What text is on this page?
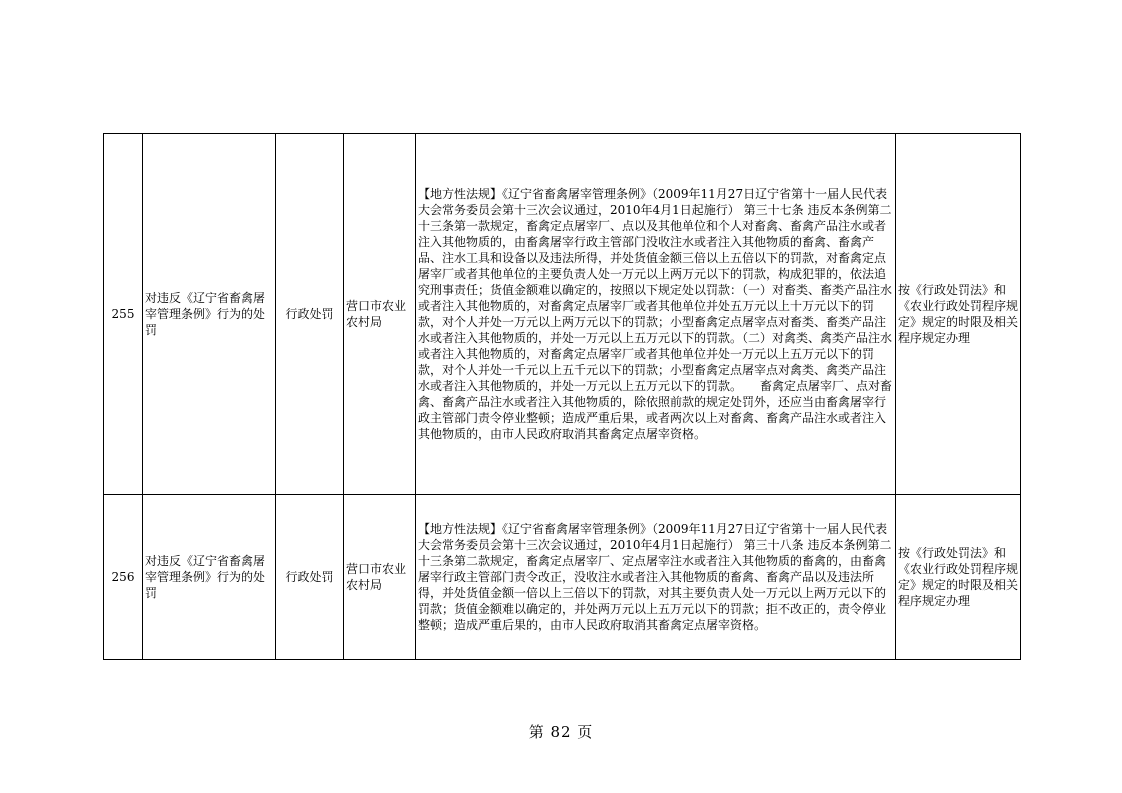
255	对违反《辽宁省畜禽屠宰管理条例》行为的处罚	行政处罚	营口市农业农村局	【地方性法规】《辽宁省畜禽屠宰管理条例》（2009年11月27日辽宁省第十一届人民代表大会常务委员会第十三次会议通过，2010年4月1日起施行） 第三十七条 违反本条例第二十三条第一款规定，畜禽定点屠宰厂、点以及其他单位和个人对畜禽、畜禽产品注水或者注入其他物质的，由畜禽屠宰行政主管部门没收注水或者注入其他物质的畜禽、畜禽产品、注水工具和设备以及违法所得，并处货值金额三倍以上五倍以下的罚款，对畜禽定点屠宰厂或者其他单位的主要负责人处一万元以上两万元以下的罚款，构成犯罪的，依法追究刑事责任；货值金额难以确定的，按照以下规定处以罚款：（一）对畜类、畜类产品注水或者注入其他物质的，对畜禽定点屠宰厂或者其他单位并处五万元以上十万元以下的罚款，对个人并处一万元以上两万元以下的罚款；小型畜禽定点屠宰点对畜类、畜类产品注水或者注入其他物质的，并处一万元以上五万元以下的罚款。（二）对禽类、禽类产品注水或者注入其他物质的，对畜禽定点屠宰厂或者其他单位并处一万元以上五万元以下的罚款，对个人并处一千元以上五千元以下的罚款；小型畜禽定点屠宰点对禽类、禽类产品注水或者注入其他物质的，并处一万元以上五万元以下的罚款。　　畜禽定点屠宰厂、点对畜禽、畜禽产品注水或者注入其他物质的，除依照前款的规定处罚外，还应当由畜禽屠宰行政主管部门责令停业整顿；造成严重后果，或者两次以上对畜禽、畜禽产品注水或者注入其他物质的，由市人民政府取消其畜禽定点屠宰资格。	按《行政处罚法》和《农业行政处罚程序规定》规定的时限及相关程序规定办理
256	对违反《辽宁省畜禽屠宰管理条例》行为的处罚	行政处罚	营口市农业农村局	【地方性法规】《辽宁省畜禽屠宰管理条例》（2009年11月27日辽宁省第十一届人民代表大会常务委员会第十三次会议通过，2010年4月1日起施行） 第三十八条 违反本条例第二十三条第二款规定，畜禽定点屠宰厂、定点屠宰注水或者注入其他物质的畜禽的，由畜禽屠宰行政主管部门责令改正，没收注水或者注入其他物质的畜禽、畜禽产品以及违法所得，并处货值金额一倍以上三倍以下的罚款，对其主要负责人处一万元以上两万元以下的罚款；货值金额难以确定的，并处两万元以上五万元以下的罚款；拒不改正的，责令停业整顿；造成严重后果的，由市人民政府取消其畜禽定点屠宰资格。	按《行政处罚法》和《农业行政处罚程序规定》规定的时限及相关程序规定办理
第 82 页
